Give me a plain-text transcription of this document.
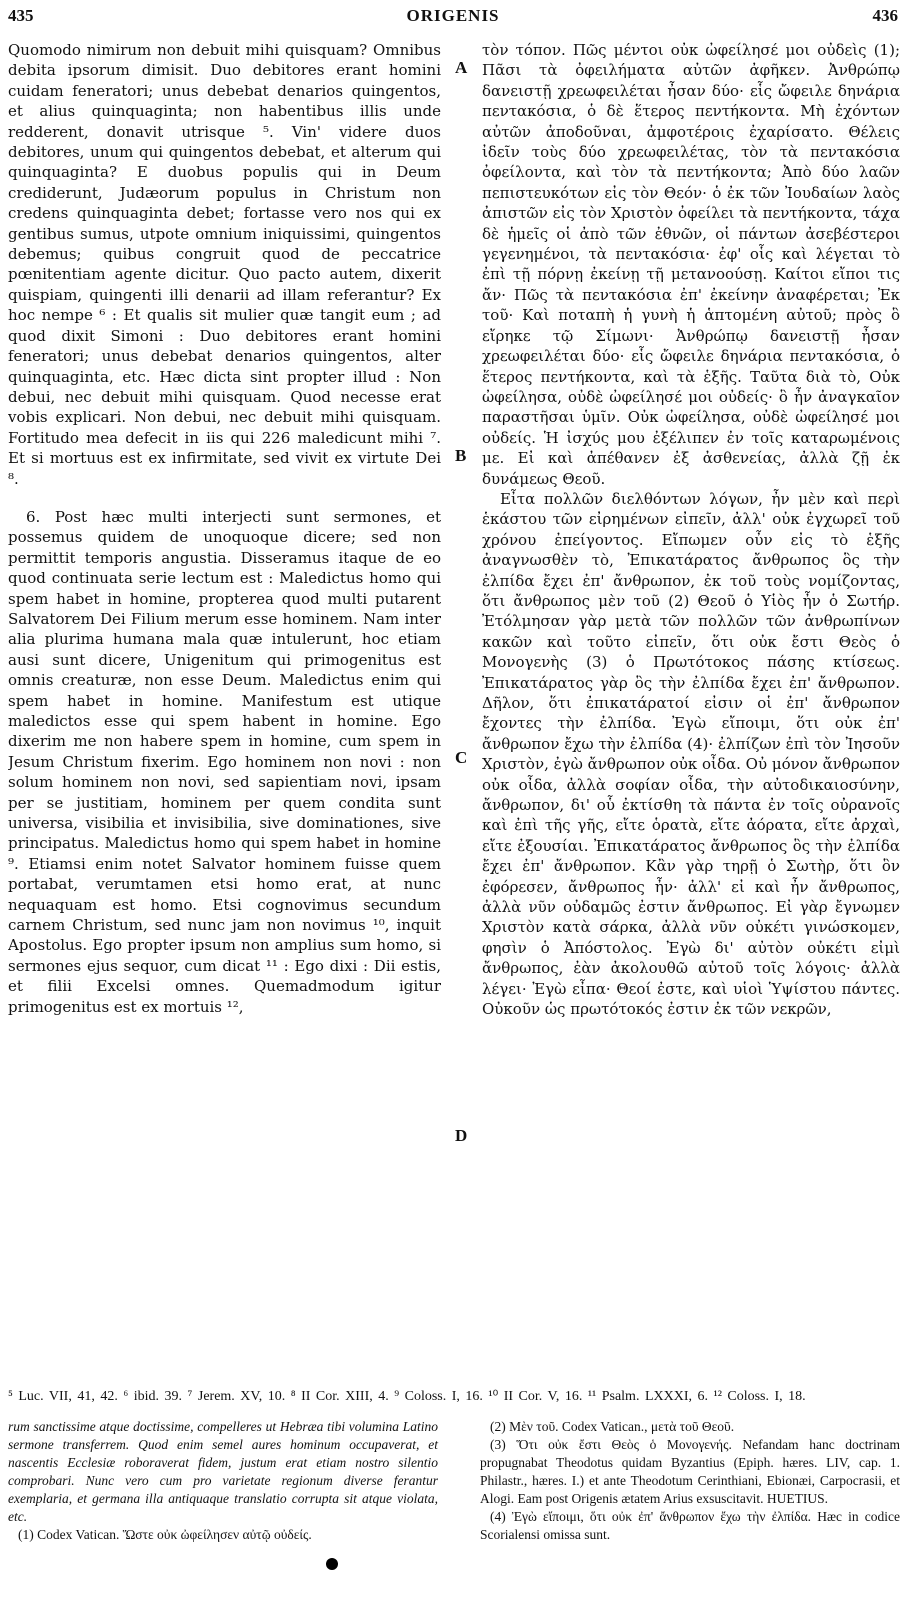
435	ORIGENIS	436

Quomodo nimirum non debuit mihi quisquam? Omnibus debita ipsorum dimisit. Duo debitores erant homini cuidam feneratori; unus debebat denarios quingentos, et alius quinquaginta; non habentibus illis unde redderent, donavit utrisque ⁵. Vin' videre duos debitores, unum qui quingentos debebat, et alterum qui quinquaginta? E duobus populis qui in Deum crediderunt, Judæorum populus in Christum non credens quinquaginta debet; fortasse vero nos qui ex gentibus sumus, utpote omnium iniquissimi, quingentos debemus; quibus congruit quod de peccatrice pœnitentiam agente dicitur. Quo pacto autem, dixerit quispiam, quingenti illi denarii ad illam referantur? Ex hoc nempe ⁶ : Et qualis sit mulier quæ tangit eum ; ad quod dixit Simoni : Duo debitores erant homini feneratori; unus debebat denarios quingentos, alter quinquaginta, etc. Hæc dicta sint propter illud : Non debui, nec debuit mihi quisquam. Quod necesse erat vobis explicari. Non debui, nec debuit mihi quisquam. Fortitudo mea defecit in iis qui 226 maledicunt mihi ⁷. Et si mortuus est ex infirmitate, sed vivit ex virtute Dei ⁸.

6. Post hæc multi interjecti sunt sermones, et possemus quidem de unoquoque dicere; sed non permittit temporis angustia. Disseramus itaque de eo quod continuata serie lectum est : Maledictus homo qui spem habet in homine, propterea quod multi putarent Salvatorem Dei Filium merum esse hominem. Nam inter alia plurima humana mala quæ intulerunt, hoc etiam ausi sunt dicere, Unigenitum qui primogenitus est omnis creaturæ, non esse Deum. Maledictus enim qui spem habet in homine. Manifestum est utique maledictos esse qui spem habent in homine. Ego dixerim me non habere spem in homine, cum spem in Jesum Christum fixerim. Ego hominem non novi : non solum hominem non novi, sed sapientiam novi, ipsam per se justitiam, hominem per quem condita sunt universa, visibilia et invisibilia, sive dominationes, sive principatus. Maledictus homo qui spem habet in homine ⁹. Etiamsi enim notet Salvator hominem fuisse quem portabat, verumtamen etsi homo erat, at nunc nequaquam est homo. Etsi cognovimus secundum carnem Christum, sed nunc jam non novimus ¹⁰, inquit Apostolus. Ego propter ipsum non amplius sum homo, si sermones ejus sequor, cum dicat ¹¹ : Ego dixi : Dii estis, et filii Excelsi omnes. Quemadmodum igitur primogenitus est ex mortuis ¹²,

A
B
C
D

τὸν τόπον. Πῶς μέντοι οὐκ ὠφείλησέ μοι οὐδεὶς (1); Πᾶσι τὰ ὀφειλήματα αὐτῶν ἀφῆκεν. Ἀνθρώπῳ δανειστῇ χρεωφειλέται ἦσαν δύο· εἷς ὤφειλε δηνάρια πεντακόσια, ὁ δὲ ἕτερος πεντήκοντα. Μὴ ἐχόντων αὐτῶν ἀποδοῦναι, ἀμφοτέροις ἐχαρίσατο. Θέλεις ἰδεῖν τοὺς δύο χρεωφειλέτας, τὸν τὰ πεντακόσια ὀφείλοντα, καὶ τὸν τὰ πεντήκοντα; Ἀπὸ δύο λαῶν πεπιστευκότων εἰς τὸν Θεόν· ὁ ἐκ τῶν Ἰουδαίων λαὸς ἀπιστῶν εἰς τὸν Χριστὸν ὀφείλει τὰ πεντήκοντα, τάχα δὲ ἡμεῖς οἱ ἀπὸ τῶν ἐθνῶν, οἱ πάντων ἀσεβέστεροι γεγενημένοι, τὰ πεντακόσια· ἐφ' οἷς καὶ λέγεται τὸ ἐπὶ τῇ πόρνῃ ἐκείνῃ τῇ μετανοούσῃ. Καίτοι εἴποι τις ἄν· Πῶς τὰ πεντακόσια ἐπ' ἐκείνην ἀναφέρεται; Ἐκ τοῦ· Καὶ ποταπὴ ἡ γυνὴ ἡ ἁπτομένη αὐτοῦ; πρὸς ὃ εἴρηκε τῷ Σίμωνι· Ἀνθρώπῳ δανειστῇ ἦσαν χρεωφειλέται δύο· εἷς ὤφειλε δηνάρια πεντακόσια, ὁ ἕτερος πεντήκοντα, καὶ τὰ ἑξῆς. Ταῦτα διὰ τὸ, Οὐκ ὠφείλησα, οὐδὲ ὠφείλησέ μοι οὐδείς· ὃ ἦν ἀναγκαῖον παραστῆσαι ὑμῖν. Οὐκ ὠφείλησα, οὐδὲ ὠφείλησέ μοι οὐδείς. Ἡ ἰσχύς μου ἐξέλιπεν ἐν τοῖς καταρωμένοις με. Εἰ καὶ ἀπέθανεν ἐξ ἀσθενείας, ἀλλὰ ζῇ ἐκ δυνάμεως Θεοῦ.

Εἶτα πολλῶν διελθόντων λόγων, ἦν μὲν καὶ περὶ ἑκάστου τῶν εἰρημένων εἰπεῖν, ἀλλ' οὐκ ἐγχωρεῖ τοῦ χρόνου ἐπείγοντος. Εἴπωμεν οὖν εἰς τὸ ἑξῆς ἀναγνωσθὲν τὸ, Ἐπικατάρατος ἄνθρωπος ὃς τὴν ἐλπίδα ἔχει ἐπ' ἄνθρωπον, ἐκ τοῦ τοὺς νομίζοντας, ὅτι ἄνθρωπος μὲν τοῦ (2) Θεοῦ ὁ Υἱὸς ἦν ὁ Σωτήρ. Ἐτόλμησαν γὰρ μετὰ τῶν πολλῶν τῶν ἀνθρωπίνων κακῶν καὶ τοῦτο εἰπεῖν, ὅτι οὐκ ἔστι Θεὸς ὁ Μονογενὴς (3) ὁ Πρωτότοκος πάσης κτίσεως. Ἐπικατάρατος γὰρ ὃς τὴν ἐλπίδα ἔχει ἐπ' ἄνθρωπον. Δῆλον, ὅτι ἐπικατάρατοί εἰσιν οἱ ἐπ' ἄνθρωπον ἔχοντες τὴν ἐλπίδα. Ἐγὼ εἴποιμι, ὅτι οὐκ ἐπ' ἄνθρωπον ἔχω τὴν ἐλπίδα (4)· ἐλπίζων ἐπὶ τὸν Ἰησοῦν Χριστὸν, ἐγὼ ἄνθρωπον οὐκ οἶδα. Οὐ μόνον ἄνθρωπον οὐκ οἶδα, ἀλλὰ σοφίαν οἶδα, τὴν αὐτοδικαιοσύνην, ἄνθρωπον, δι' οὗ ἐκτίσθη τὰ πάντα ἐν τοῖς οὐρανοῖς καὶ ἐπὶ τῆς γῆς, εἴτε ὁρατὰ, εἴτε ἀόρατα, εἴτε ἀρχαὶ, εἴτε ἐξουσίαι. Ἐπικατάρατος ἄνθρωπος ὃς τὴν ἐλπίδα ἔχει ἐπ' ἄνθρωπον. Κἂν γὰρ τηρῇ ὁ Σωτὴρ, ὅτι ὃν ἐφόρεσεν, ἄνθρωπος ἦν· ἀλλ' εἰ καὶ ἦν ἄνθρωπος, ἀλλὰ νῦν οὐδαμῶς ἐστιν ἄνθρωπος. Εἰ γὰρ ἔγνωμεν Χριστὸν κατὰ σάρκα, ἀλλὰ νῦν οὐκέτι γινώσκομεν, φησὶν ὁ Ἀπόστολος. Ἐγὼ δι' αὐτὸν οὐκέτι εἰμὶ ἄνθρωπος, ἐὰν ἀκολουθῶ αὐτοῦ τοῖς λόγοις· ἀλλὰ λέγει· Ἐγὼ εἶπα· Θεοί ἐστε, καὶ υἱοὶ Ὑψίστου πάντες. Οὐκοῦν ὡς πρωτότοκός ἐστιν ἐκ τῶν νεκρῶν,

⁵ Luc. VII, 41, 42. ⁶ ibid. 39. ⁷ Jerem. XV, 10. ⁸ II Cor. XIII, 4. ⁹ Coloss. I, 16. ¹⁰ II Cor. V, 16. ¹¹ Psalm. LXXXI, 6. ¹² Coloss. I, 18.

rum sanctissime atque doctissime, compelleres ut Hebræa tibi volumina Latino sermone transferrem. Quod enim semel aures hominum occupaverat, et nascentis Ecclesiæ roboraverat fidem, justum erat etiam nostro silentio comprobari. Nunc vero cum pro varietate regionum diverse ferantur exemplaria, et germana illa antiquaque translatio corrupta sit atque violata, etc.

(1) Codex Vatican. Ὥστε οὐκ ὠφείλησεν αὐτῷ οὐδείς.

(2) Μὲν τοῦ. Codex Vatican., μετὰ τοῦ Θεοῦ.

(3) Ὅτι οὐκ ἔστι Θεὸς ὁ Μονογενής. Nefandam hanc doctrinam propugnabat Theodotus quidam Byzantius (Epiph. hæres. LIV, cap. 1. Philastr., hæres. I.) et ante Theodotum Cerinthiani, Ebionæi, Carpocrasii, et Alogi. Eam post Origenis ætatem Arius exsuscitavit. HUETIUS.

(4) Ἐγὼ εἴποιμι, ὅτι οὐκ ἐπ' ἄνθρωπον ἔχω τὴν ἐλπίδα. Hæc in codice Scorialensi omissa sunt.
